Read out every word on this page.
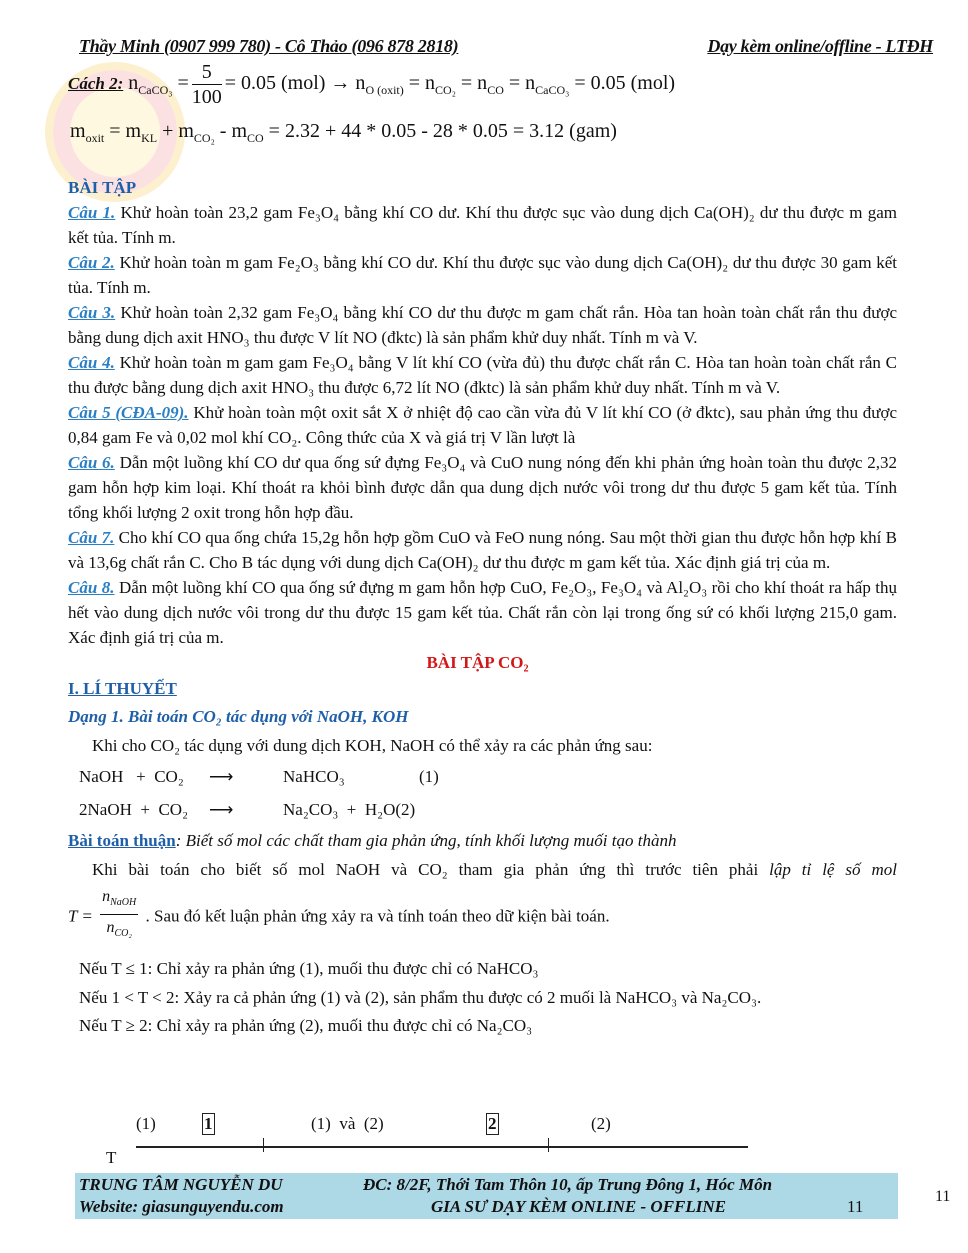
Thầy Minh (0907 999 780) - Cô Thảo (096 878 2818)	Dạy kèm online/offline - LTĐH
Cách 2: $n_{CaCO_3} = \frac{5}{100} = 0.05$ $(mol) \to n_{O (oxit)} = n_{CO_2} = n_{CO} = n_{CaCO_3} = 0.05$ (mol)
$m_{oxit} = m_{KL} + m_{CO_2} - m_{CO} = 2.32 + 44 * 0.05 - 28 * 0.05 = 3.12$ (gam)
BÀI TẬP

Câu 1. Khử hoàn toàn 23,2 gam Fe₃O₄ bằng khí CO dư. Khí thu được sục vào dung dịch Ca(OH)₂ dư thu được m gam kết tủa. Tính m.

Câu 2. Khử hoàn toàn m gam Fe₂O₃ bằng khí CO dư. Khí thu được sục vào dung dịch Ca(OH)₂ dư thu được 30 gam kết tủa. Tính m.

Câu 3. Khử hoàn toàn 2,32 gam Fe₃O₄ bằng khí CO dư thu được m gam chất rắn. Hòa tan hoàn toàn chất rắn thu được bằng dung dịch axit HNO₃ thu được V lít NO (đktc) là sản phẩm khử duy nhất. Tính m và V.

Câu 4. Khử hoàn toàn m gam gam Fe₃O₄ bằng V lít khí CO (vừa đủ) thu được chất rắn C. Hòa tan hoàn toàn chất rắn C thu được bằng dung dịch axit HNO₃ thu được 6,72 lít NO (đktc) là sản phẩm khử duy nhất. Tính m và V.

Câu 5 (CĐA-09). Khử hoàn toàn một oxit sắt X ở nhiệt độ cao cần vừa đủ V lít khí CO (ở đktc), sau phản ứng thu được 0,84 gam Fe và 0,02 mol khí CO₂. Công thức của X và giá trị V lần lượt là

Câu 6. Dẫn một luồng khí CO dư qua ống sứ đựng Fe₃O₄ và CuO nung nóng đến khi phản ứng hoàn toàn thu được 2,32 gam hỗn hợp kim loại. Khí thoát ra khỏi bình được dẫn qua dung dịch nước vôi trong dư thu được 5 gam kết tủa. Tính tổng khối lượng 2 oxit trong hỗn hợp đầu.

Câu 7. Cho khí CO qua ống chứa 15,2g hỗn hợp gồm CuO và FeO nung nóng. Sau một thời gian thu được hỗn hợp khí B và 13,6g chất rắn C. Cho B tác dụng với dung dịch Ca(OH)₂ dư thu được m gam kết tủa. Xác định giá trị của m.

Câu 8. Dẫn một luồng khí CO qua ống sứ đựng m gam hỗn hợp CuO, Fe₂O₃, Fe₃O₄ và Al₂O₃ rồi cho khí thoát ra hấp thụ hết vào dung dịch nước vôi trong dư thu được 15 gam kết tủa. Chất rắn còn lại trong ống sứ có khối lượng 215,0 gam. Xác định giá trị của m.

BÀI TẬP CO₂
I. LÍ THUYẾT
Dạng 1. Bài toán CO₂ tác dụng với NaOH, KOH
Khi cho CO₂ tác dụng với dung dịch KOH, NaOH có thể xảy ra các phản ứng sau:
NaOH   +  CO₂ ⟶	NaHCO₃	(1)
2NaOH  +  CO₂ ⟶	Na₂CO₃  +  H₂O(2)
Bài toán thuận: Biết số mol các chất tham gia phản ứng, tính khối lượng muối tạo thành
Khi bài toán cho biết số mol NaOH và CO₂ tham gia phản ứng thì trước tiên phải lập tỉ lệ số mol
$T = \frac{n_{NaOH}}{n_{CO_2}}$ . Sau đó kết luận phản ứng xảy ra và tính toán theo dữ kiện bài toán.
Nếu T ≤ 1: Chỉ xảy ra phản ứng (1), muối thu được chỉ có NaHCO₃
Nếu 1 < T < 2: Xảy ra cả phản ứng (1) và (2), sản phẩm thu được có 2 muối là NaHCO₃ và Na₂CO₃.
Nếu T ≥ 2: Chỉ xảy ra phản ứng (2), muối thu được chỉ có Na₂CO₃
T
(1)	1	(1)  và  (2)	2	(2)
TRUNG TÂM NGUYỄN DU	ĐC: 8/2F, Thới Tam Thôn 10, ấp Trung Đông 1, Hóc Môn
Website: giasunguyendu.com	GIA SƯ DẠY KÈM ONLINE - OFFLINE	11
11
